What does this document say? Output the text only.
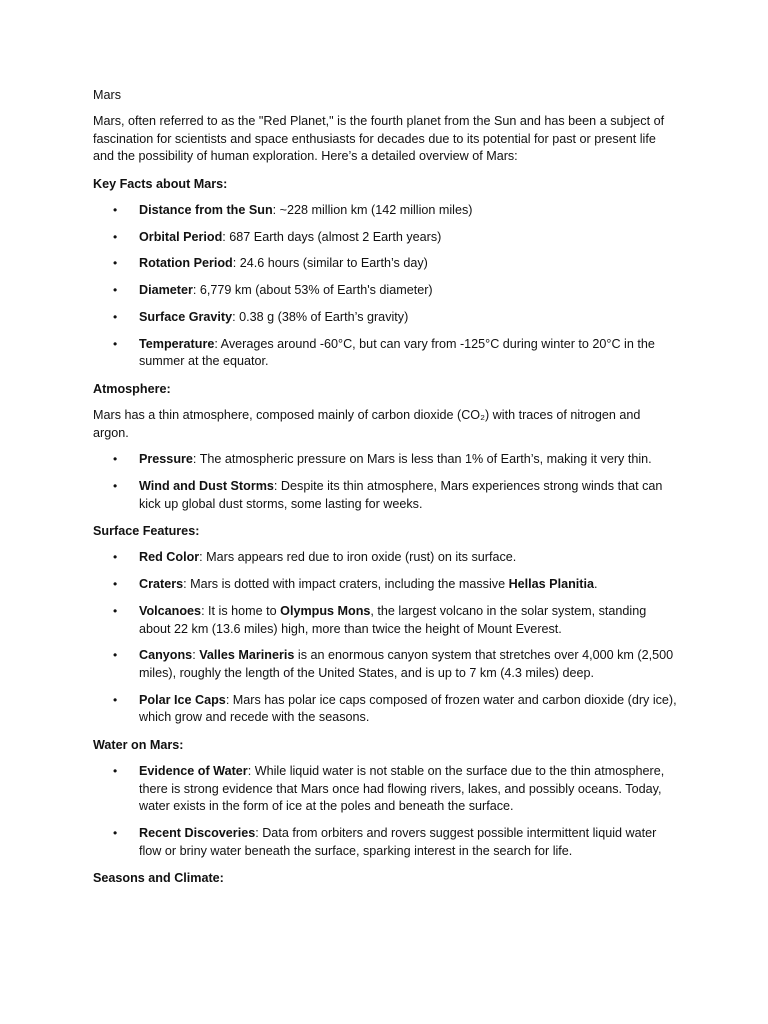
Mars

Mars, often referred to as the "Red Planet," is the fourth planet from the Sun and has been a subject of fascination for scientists and space enthusiasts for decades due to its potential for past or present life and the possibility of human exploration. Here’s a detailed overview of Mars:

Key Facts about Mars:

• Distance from the Sun: ~228 million km (142 million miles)
• Orbital Period: 687 Earth days (almost 2 Earth years)
• Rotation Period: 24.6 hours (similar to Earth’s day)
• Diameter: 6,779 km (about 53% of Earth's diameter)
• Surface Gravity: 0.38 g (38% of Earth’s gravity)
• Temperature: Averages around -60°C, but can vary from -125°C during winter to 20°C in the summer at the equator.

Atmosphere:

Mars has a thin atmosphere, composed mainly of carbon dioxide (CO₂) with traces of nitrogen and argon.

• Pressure: The atmospheric pressure on Mars is less than 1% of Earth’s, making it very thin.
• Wind and Dust Storms: Despite its thin atmosphere, Mars experiences strong winds that can kick up global dust storms, some lasting for weeks.

Surface Features:

• Red Color: Mars appears red due to iron oxide (rust) on its surface.
• Craters: Mars is dotted with impact craters, including the massive Hellas Planitia.
• Volcanoes: It is home to Olympus Mons, the largest volcano in the solar system, standing about 22 km (13.6 miles) high, more than twice the height of Mount Everest.
• Canyons: Valles Marineris is an enormous canyon system that stretches over 4,000 km (2,500 miles), roughly the length of the United States, and is up to 7 km (4.3 miles) deep.
• Polar Ice Caps: Mars has polar ice caps composed of frozen water and carbon dioxide (dry ice), which grow and recede with the seasons.

Water on Mars:

• Evidence of Water: While liquid water is not stable on the surface due to the thin atmosphere, there is strong evidence that Mars once had flowing rivers, lakes, and possibly oceans. Today, water exists in the form of ice at the poles and beneath the surface.
• Recent Discoveries: Data from orbiters and rovers suggest possible intermittent liquid water flow or briny water beneath the surface, sparking interest in the search for life.

Seasons and Climate:
